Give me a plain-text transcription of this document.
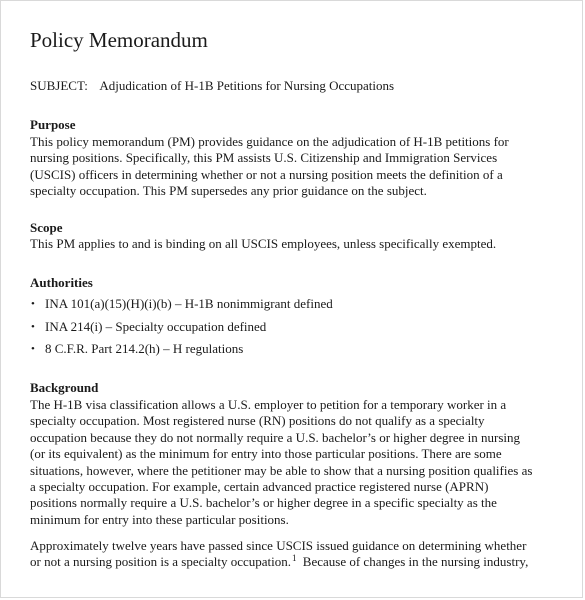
Policy Memorandum
SUBJECT: Adjudication of H-1B Petitions for Nursing Occupations
Purpose

This policy memorandum (PM) provides guidance on the adjudication of H-1B petitions for
nursing positions. Specifically, this PM assists U.S. Citizenship and Immigration Services
(USCIS) officers in determining whether or not a nursing position meets the definition of a
specialty occupation. This PM supersedes any prior guidance on the subject.

Scope

This PM applies to and is binding on all USCIS employees, unless specifically exempted.

Authorities
• INA 101(a)(15)(H)(i)(b) – H-1B nonimmigrant defined
• INA 214(i) – Specialty occupation defined
• 8 C.F.R. Part 214.2(h) – H regulations
Background

The H-1B visa classification allows a U.S. employer to petition for a temporary worker in a
specialty occupation. Most registered nurse (RN) positions do not qualify as a specialty
occupation because they do not normally require a U.S. bachelor’s or higher degree in nursing
(or its equivalent) as the minimum for entry into those particular positions. There are some
situations, however, where the petitioner may be able to show that a nursing position qualifies as
a specialty occupation. For example, certain advanced practice registered nurse (APRN)
positions normally require a U.S. bachelor’s or higher degree in a specific specialty as the
minimum for entry into these particular positions.

Approximately twelve years have passed since USCIS issued guidance on determining whether
or not a nursing position is a specialty occupation.$^1$ Because of changes in the nursing industry,
